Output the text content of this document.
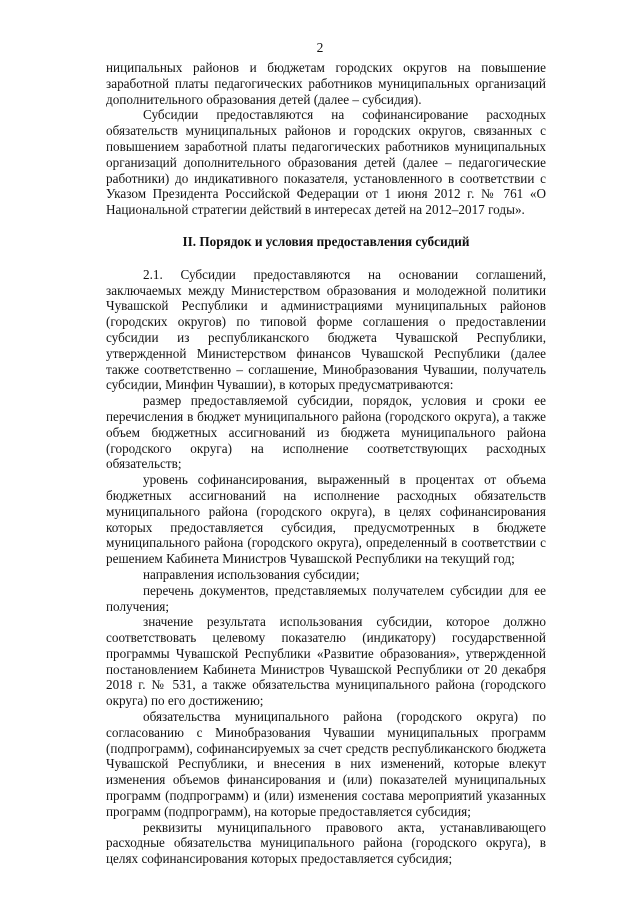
2

ниципальных районов и бюджетам городских округов на повышение заработной платы педагогических работников муниципальных организаций дополнительного образования детей (далее – субсидия).

Субсидии предоставляются на софинансирование расходных обязательств муниципальных районов и городских округов, связанных с повышением заработной платы педагогических работников муниципальных организаций дополнительного образования детей (далее – педагогические работники) до индикативного показателя, установленного в соответствии с Указом Президента Российской Федерации от 1 июня 2012 г. № 761 «О Национальной стратегии действий в интересах детей на 2012–2017 годы».

II. Порядок и условия предоставления субсидий

2.1. Субсидии предоставляются на основании соглашений, заключаемых между Министерством образования и молодежной политики Чувашской Республики и администрациями муниципальных районов (городских округов) по типовой форме соглашения о предоставлении субсидии из республиканского бюджета Чувашской Республики, утвержденной Министерством финансов Чувашской Республики (далее также соответственно – соглашение, Минобразования Чувашии, получатель субсидии, Минфин Чувашии), в которых предусматриваются:

размер предоставляемой субсидии, порядок, условия и сроки ее перечисления в бюджет муниципального района (городского округа), а также объем бюджетных ассигнований из бюджета муниципального района (городского округа) на исполнение соответствующих расходных обязательств;

уровень софинансирования, выраженный в процентах от объема бюджетных ассигнований на исполнение расходных обязательств муниципального района (городского округа), в целях софинансирования которых предоставляется субсидия, предусмотренных в бюджете муниципального района (городского округа), определенный в соответствии с решением Кабинета Министров Чувашской Республики на текущий год;

направления использования субсидии;

перечень документов, представляемых получателем субсидии для ее получения;

значение результата использования субсидии, которое должно соответствовать целевому показателю (индикатору) государственной программы Чувашской Республики «Развитие образования», утвержденной постановлением Кабинета Министров Чувашской Республики от 20 декабря 2018 г. № 531, а также обязательства муниципального района (городского округа) по его достижению;

обязательства муниципального района (городского округа) по согласованию с Минобразования Чувашии муниципальных программ (подпрограмм), софинансируемых за счет средств республиканского бюджета Чувашской Республики, и внесения в них изменений, которые влекут изменения объемов финансирования и (или) показателей муниципальных программ (подпрограмм) и (или) изменения состава мероприятий указанных программ (подпрограмм), на которые предоставляется субсидия;

реквизиты муниципального правового акта, устанавливающего расходные обязательства муниципального района (городского округа), в целях софинансирования которых предоставляется субсидия;
